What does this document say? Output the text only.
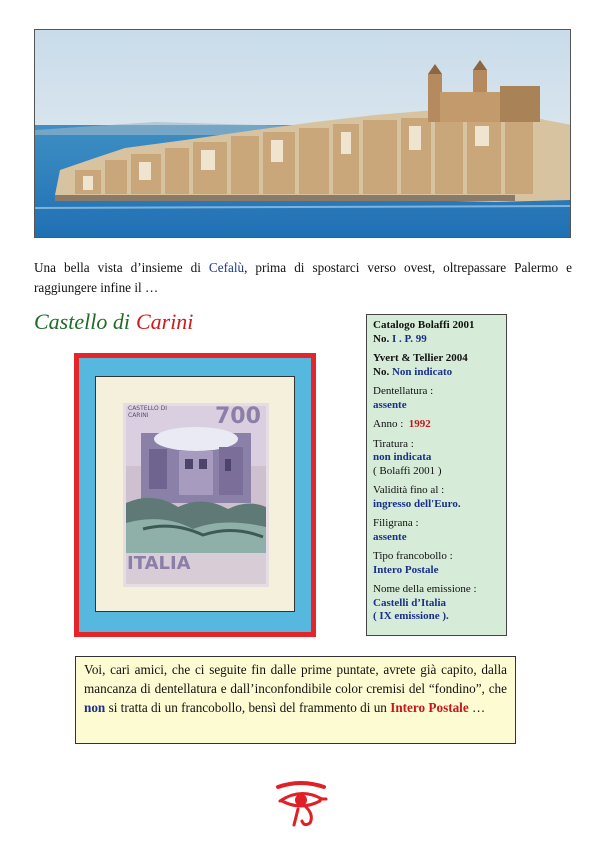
Una bella vista d’insieme di Cefalù, prima di spostarci verso ovest, oltrepassare Palermo e raggiungere infine il …

Castello di Carini
CASTELLO DI CARINI	700
ITALIA
Catalogo Bolaffi 2001
No. I . P. 99
Yvert & Tellier 2004
No. Non indicato
Dentellatura :
assente
Anno : 1992
Tiratura :
non indicata
( Bolaffi 2001 )
Validità fino al :
ingresso dell'Euro.
Filigrana :
assente
Tipo francobollo :
Intero Postale
Nome della emissione :
Castelli d’Italia
( IX emissione ).
Voi, cari amici, che ci seguite fin dalle prime puntate, avrete già capito, dalla mancanza di dentellatura e dall’inconfondibile color cremisi del “fondino”, che non si tratta di un francobollo, bensì del frammento di un Intero Postale …
